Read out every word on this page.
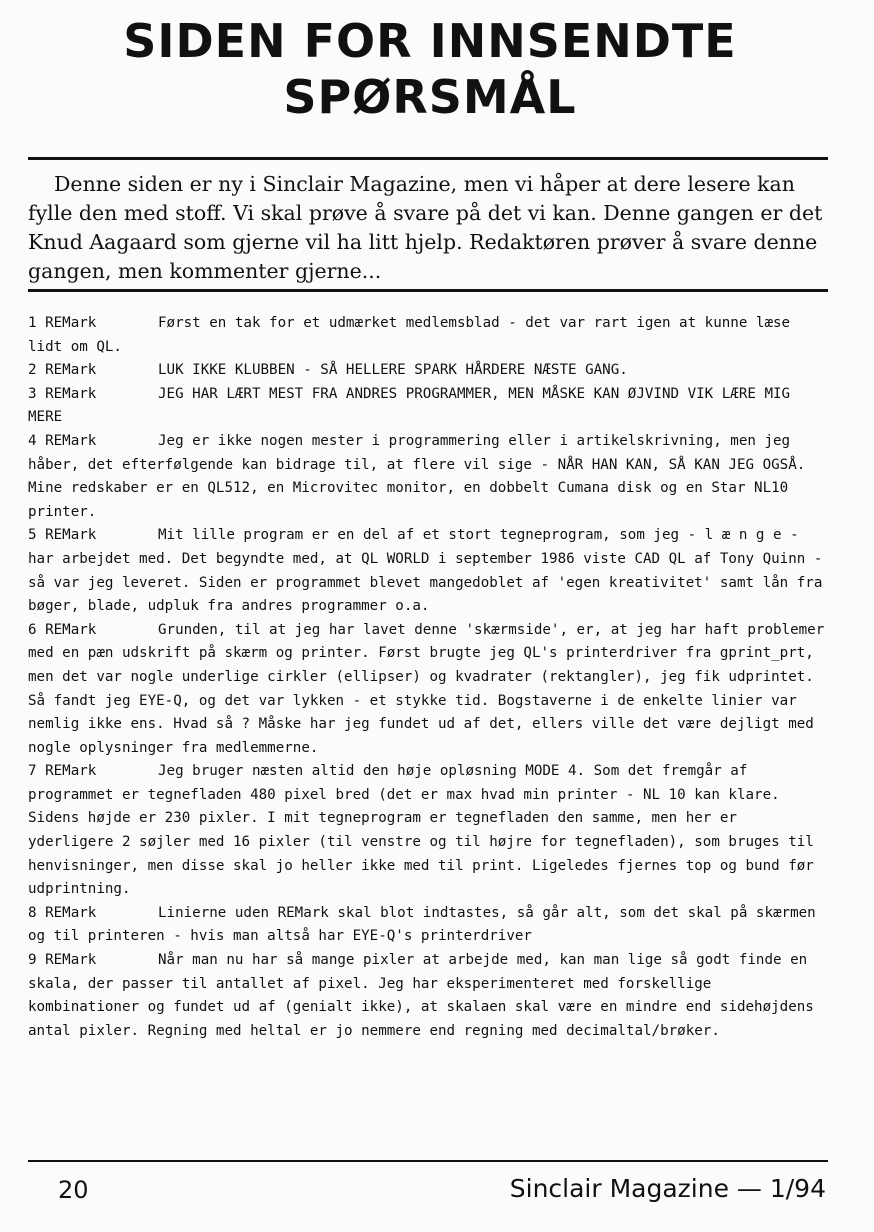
SIDEN FOR INNSENDTE
SPØRSMÅL

Denne siden er ny i Sinclair Magazine, men vi håper at dere lesere kan fylle den med stoff. Vi skal prøve å svare på det vi kan. Denne gangen er det Knud Aagaard som gjerne vil ha litt hjelp. Redaktøren prøver å svare denne gangen, men kommenter gjerne...

1 REMark	Først en tak for et udmærket medlemsblad - det var rart igen at kunne læse lidt om QL.
2 REMark	LUK IKKE KLUBBEN - SÅ HELLERE SPARK HÅRDERE NÆSTE GANG.
3 REMark	JEG HAR LÆRT MEST FRA ANDRES PROGRAMMER, MEN MÅSKE KAN ØJVIND VIK LÆRE MIG MERE
4 REMark	Jeg er ikke nogen mester i programmering eller i artikelskrivning, men jeg håber, det efterfølgende kan bidrage til, at flere vil sige - NÅR HAN KAN, SÅ KAN JEG OGSÅ. Mine redskaber er en QL512, en Microvitec monitor, en dobbelt Cumana disk og en Star NL10 printer.
5 REMark	Mit lille program er en del af et stort tegneprogram, som jeg - l æ n g e - har arbejdet med. Det begyndte med, at QL WORLD i september 1986 viste CAD QL af Tony Quinn - så var jeg leveret. Siden er programmet blevet mangedoblet af 'egen kreativitet' samt lån fra bøger, blade, udpluk fra andres programmer o.a.
6 REMark	Grunden, til at jeg har lavet denne 'skærmside', er, at jeg har haft problemer med en pæn udskrift på skærm og printer. Først brugte jeg QL's printerdriver fra gprint_prt, men det var nogle underlige cirkler (ellipser) og kvadrater (rektangler), jeg fik udprintet. Så fandt jeg EYE-Q, og det var lykken - et stykke tid. Bogstaverne i de enkelte linier var nemlig ikke ens. Hvad så ? Måske har jeg fundet ud af det, ellers ville det være dejligt med nogle oplysninger fra medlemmerne.
7 REMark	Jeg bruger næsten altid den høje opløsning MODE 4. Som det fremgår af programmet er tegnefladen 480 pixel bred (det er max hvad min printer - NL 10 kan klare. Sidens højde er 230 pixler. I mit tegneprogram er tegnefladen den samme, men her er yderligere 2 søjler med 16 pixler (til venstre og til højre for tegnefladen), som bruges til henvisninger, men disse skal jo heller ikke med til print. Ligeledes fjernes top og bund før udprintning.
8 REMark	Linierne uden REMark skal blot indtastes, så går alt, som det skal på skærmen og til printeren - hvis man altså har EYE-Q's printerdriver
9 REMark	Når man nu har så mange pixler at arbejde med, kan man lige så godt finde en skala, der passer til antallet af pixel. Jeg har eksperimenteret med forskellige kombinationer og fundet ud af (genialt ikke), at skalaen skal være en mindre end sidehøjdens antal pixler. Regning med heltal er jo nemmere end regning med decimaltal/brøker.
20	Sinclair Magazine — 1/94
